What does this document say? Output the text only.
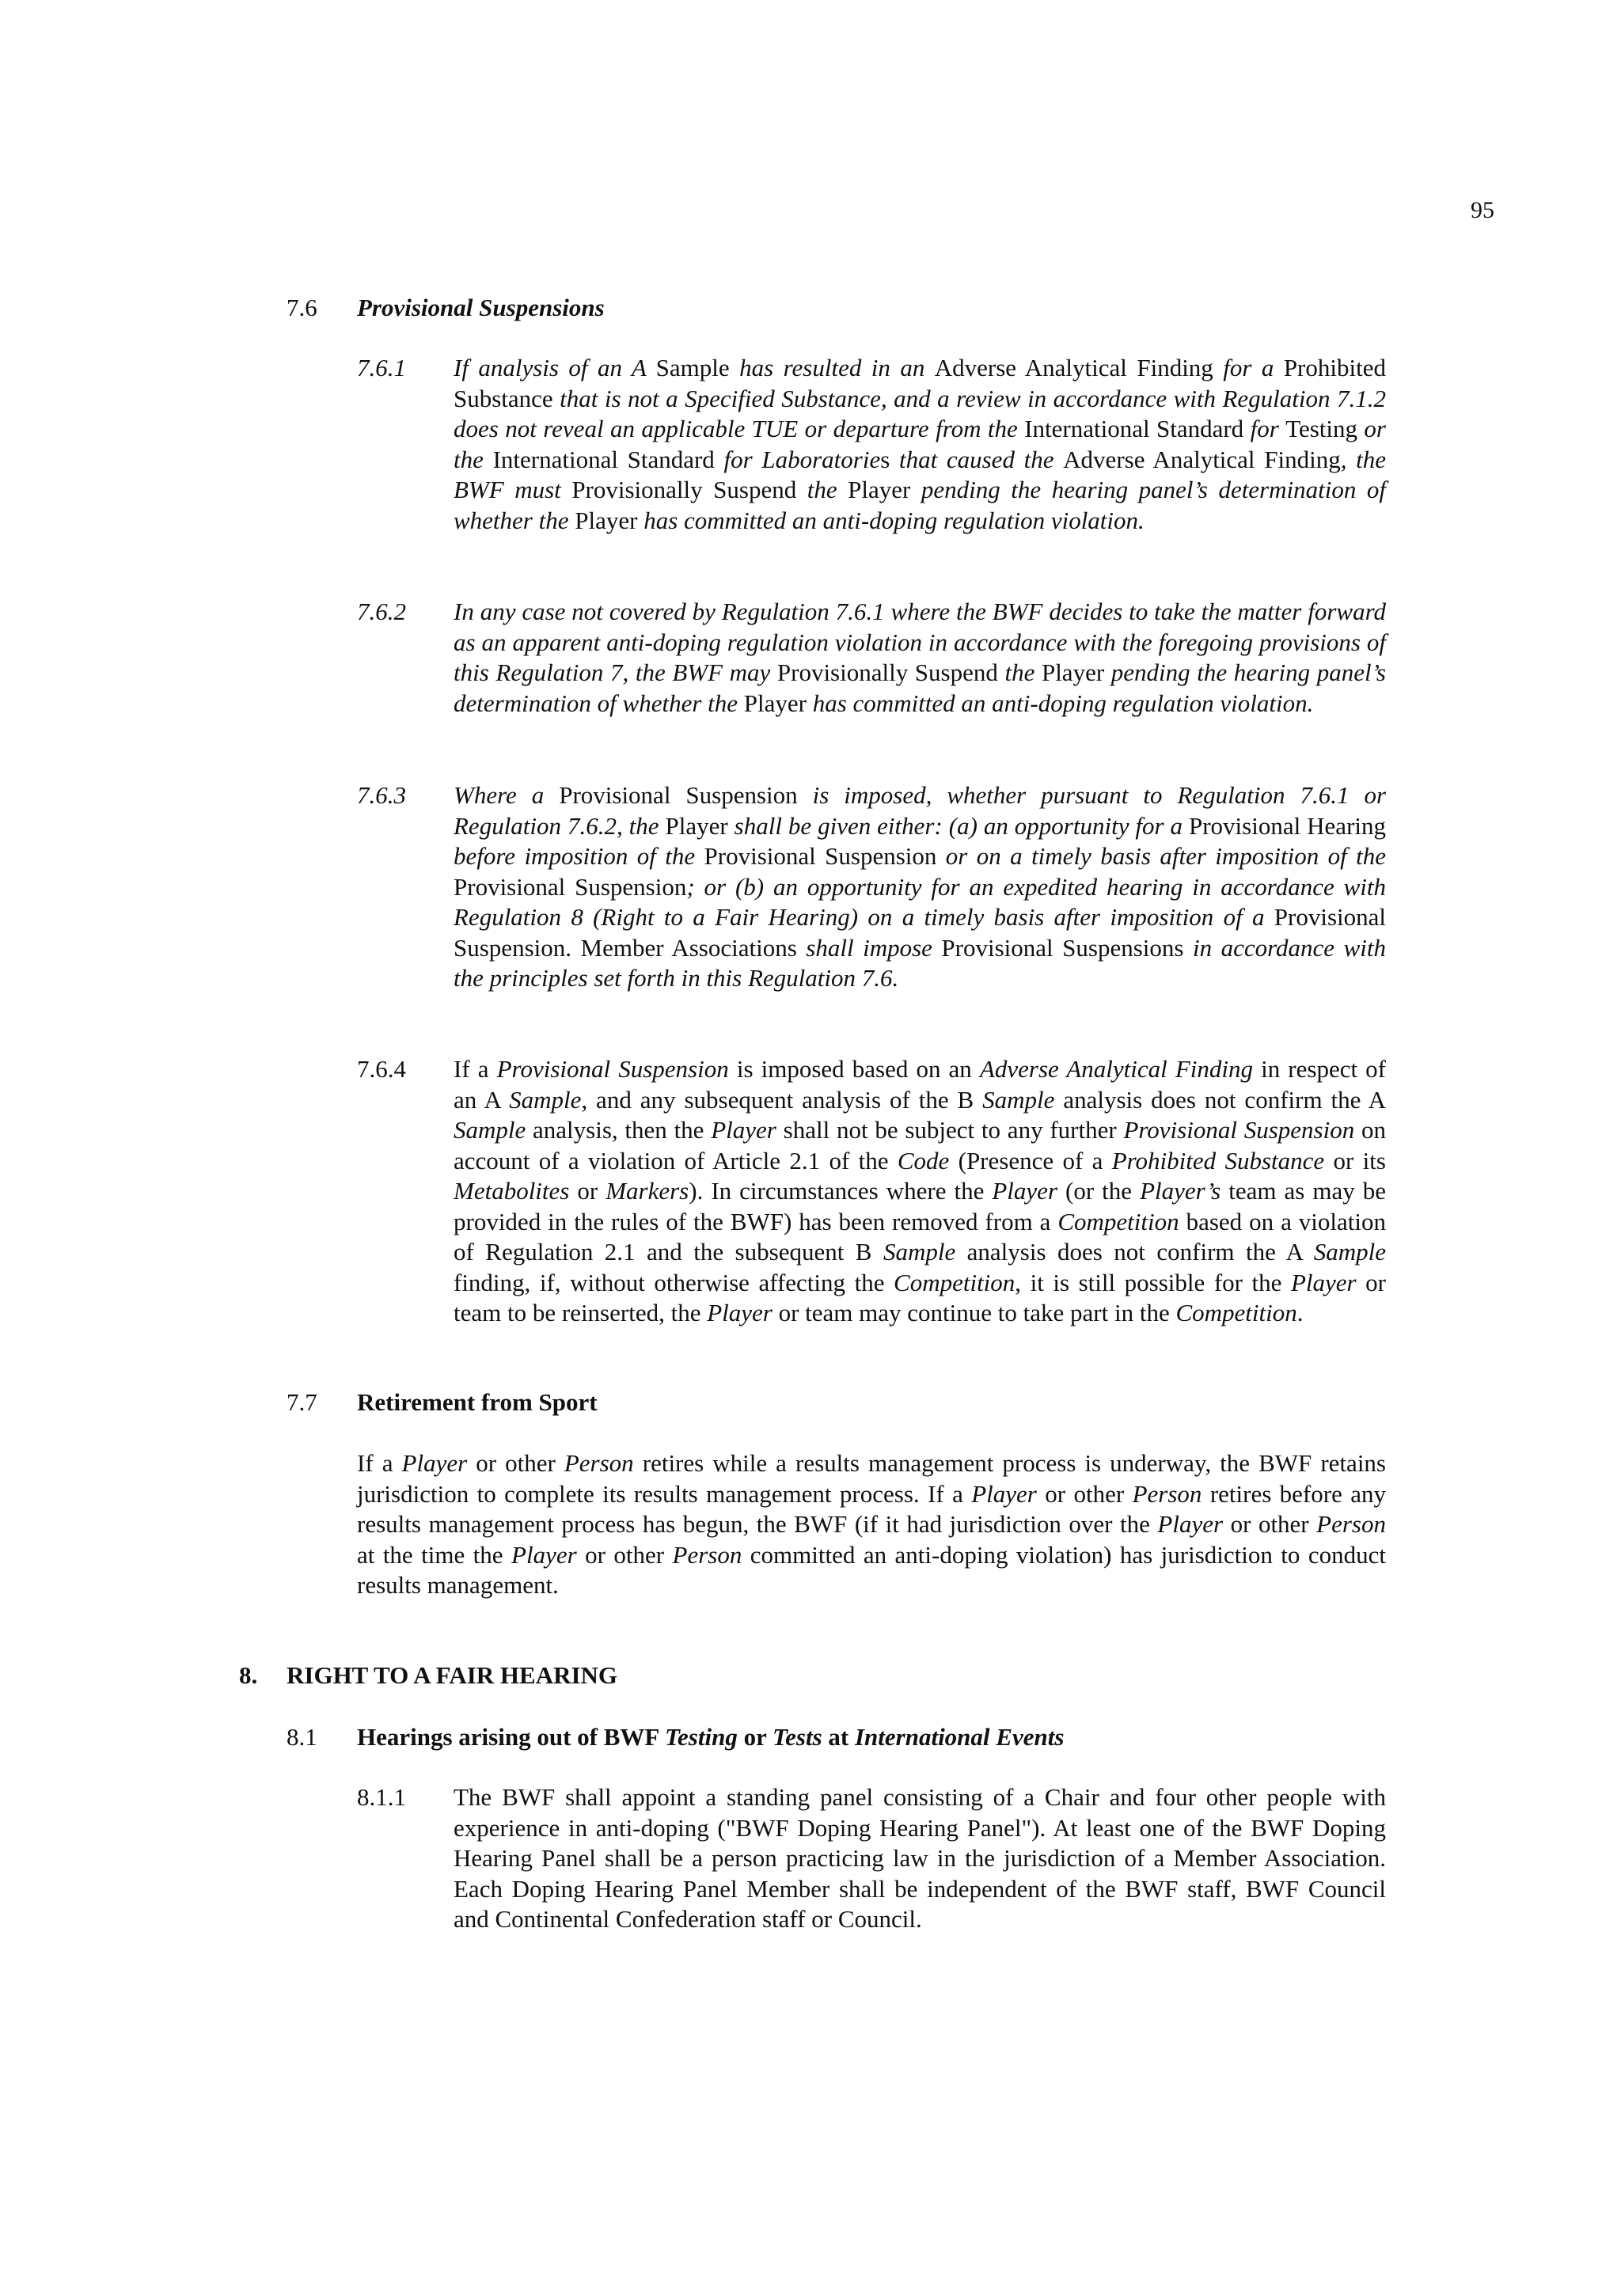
95
7.6 Provisional Suspensions
7.6.1 If analysis of an A Sample has resulted in an Adverse Analytical Finding for a Prohibited Substance that is not a Specified Substance, and a review in accordance with Regulation 7.1.2 does not reveal an applicable TUE or departure from the International Standard for Testing or the International Standard for Laboratories that caused the Adverse Analytical Finding, the BWF must Provisionally Suspend the Player pending the hearing panel’s determination of whether the Player has committed an anti-doping regulation violation.

7.6.2 In any case not covered by Regulation 7.6.1 where the BWF decides to take the matter forward as an apparent anti-doping regulation violation in accordance with the foregoing provisions of this Regulation 7, the BWF may Provisionally Suspend the Player pending the hearing panel’s determination of whether the Player has committed an anti-doping regulation violation.

7.6.3 Where a Provisional Suspension is imposed, whether pursuant to Regulation 7.6.1 or Regulation 7.6.2, the Player shall be given either: (a) an opportunity for a Provisional Hearing before imposition of the Provisional Suspension or on a timely basis after imposition of the Provisional Suspension; or (b) an opportunity for an expedited hearing in accordance with Regulation 8 (Right to a Fair Hearing) on a timely basis after imposition of a Provisional Suspension. Member Associations shall impose Provisional Suspensions in accordance with the principles set forth in this Regulation 7.6.

7.6.4 If a Provisional Suspension is imposed based on an Adverse Analytical Finding in respect of an A Sample, and any subsequent analysis of the B Sample analysis does not confirm the A Sample analysis, then the Player shall not be subject to any further Provisional Suspension on account of a violation of Article 2.1 of the Code (Presence of a Prohibited Substance or its Metabolites or Markers). In circumstances where the Player (or the Player’s team as may be provided in the rules of the BWF) has been removed from a Competition based on a violation of Regulation 2.1 and the subsequent B Sample analysis does not confirm the A Sample finding, if, without otherwise affecting the Competition, it is still possible for the Player or team to be reinserted, the Player or team may continue to take part in the Competition.

7.7 Retirement from Sport

If a Player or other Person retires while a results management process is underway, the BWF retains jurisdiction to complete its results management process. If a Player or other Person retires before any results management process has begun, the BWF (if it had jurisdiction over the Player or other Person at the time the Player or other Person committed an anti-doping violation) has jurisdiction to conduct results management.

8. RIGHT TO A FAIR HEARING
8.1 Hearings arising out of BWF Testing or Tests at International Events
8.1.1 The BWF shall appoint a standing panel consisting of a Chair and four other people with experience in anti-doping ("BWF Doping Hearing Panel"). At least one of the BWF Doping Hearing Panel shall be a person practicing law in the jurisdiction of a Member Association. Each Doping Hearing Panel Member shall be independent of the BWF staff, BWF Council and Continental Confederation staff or Council.
